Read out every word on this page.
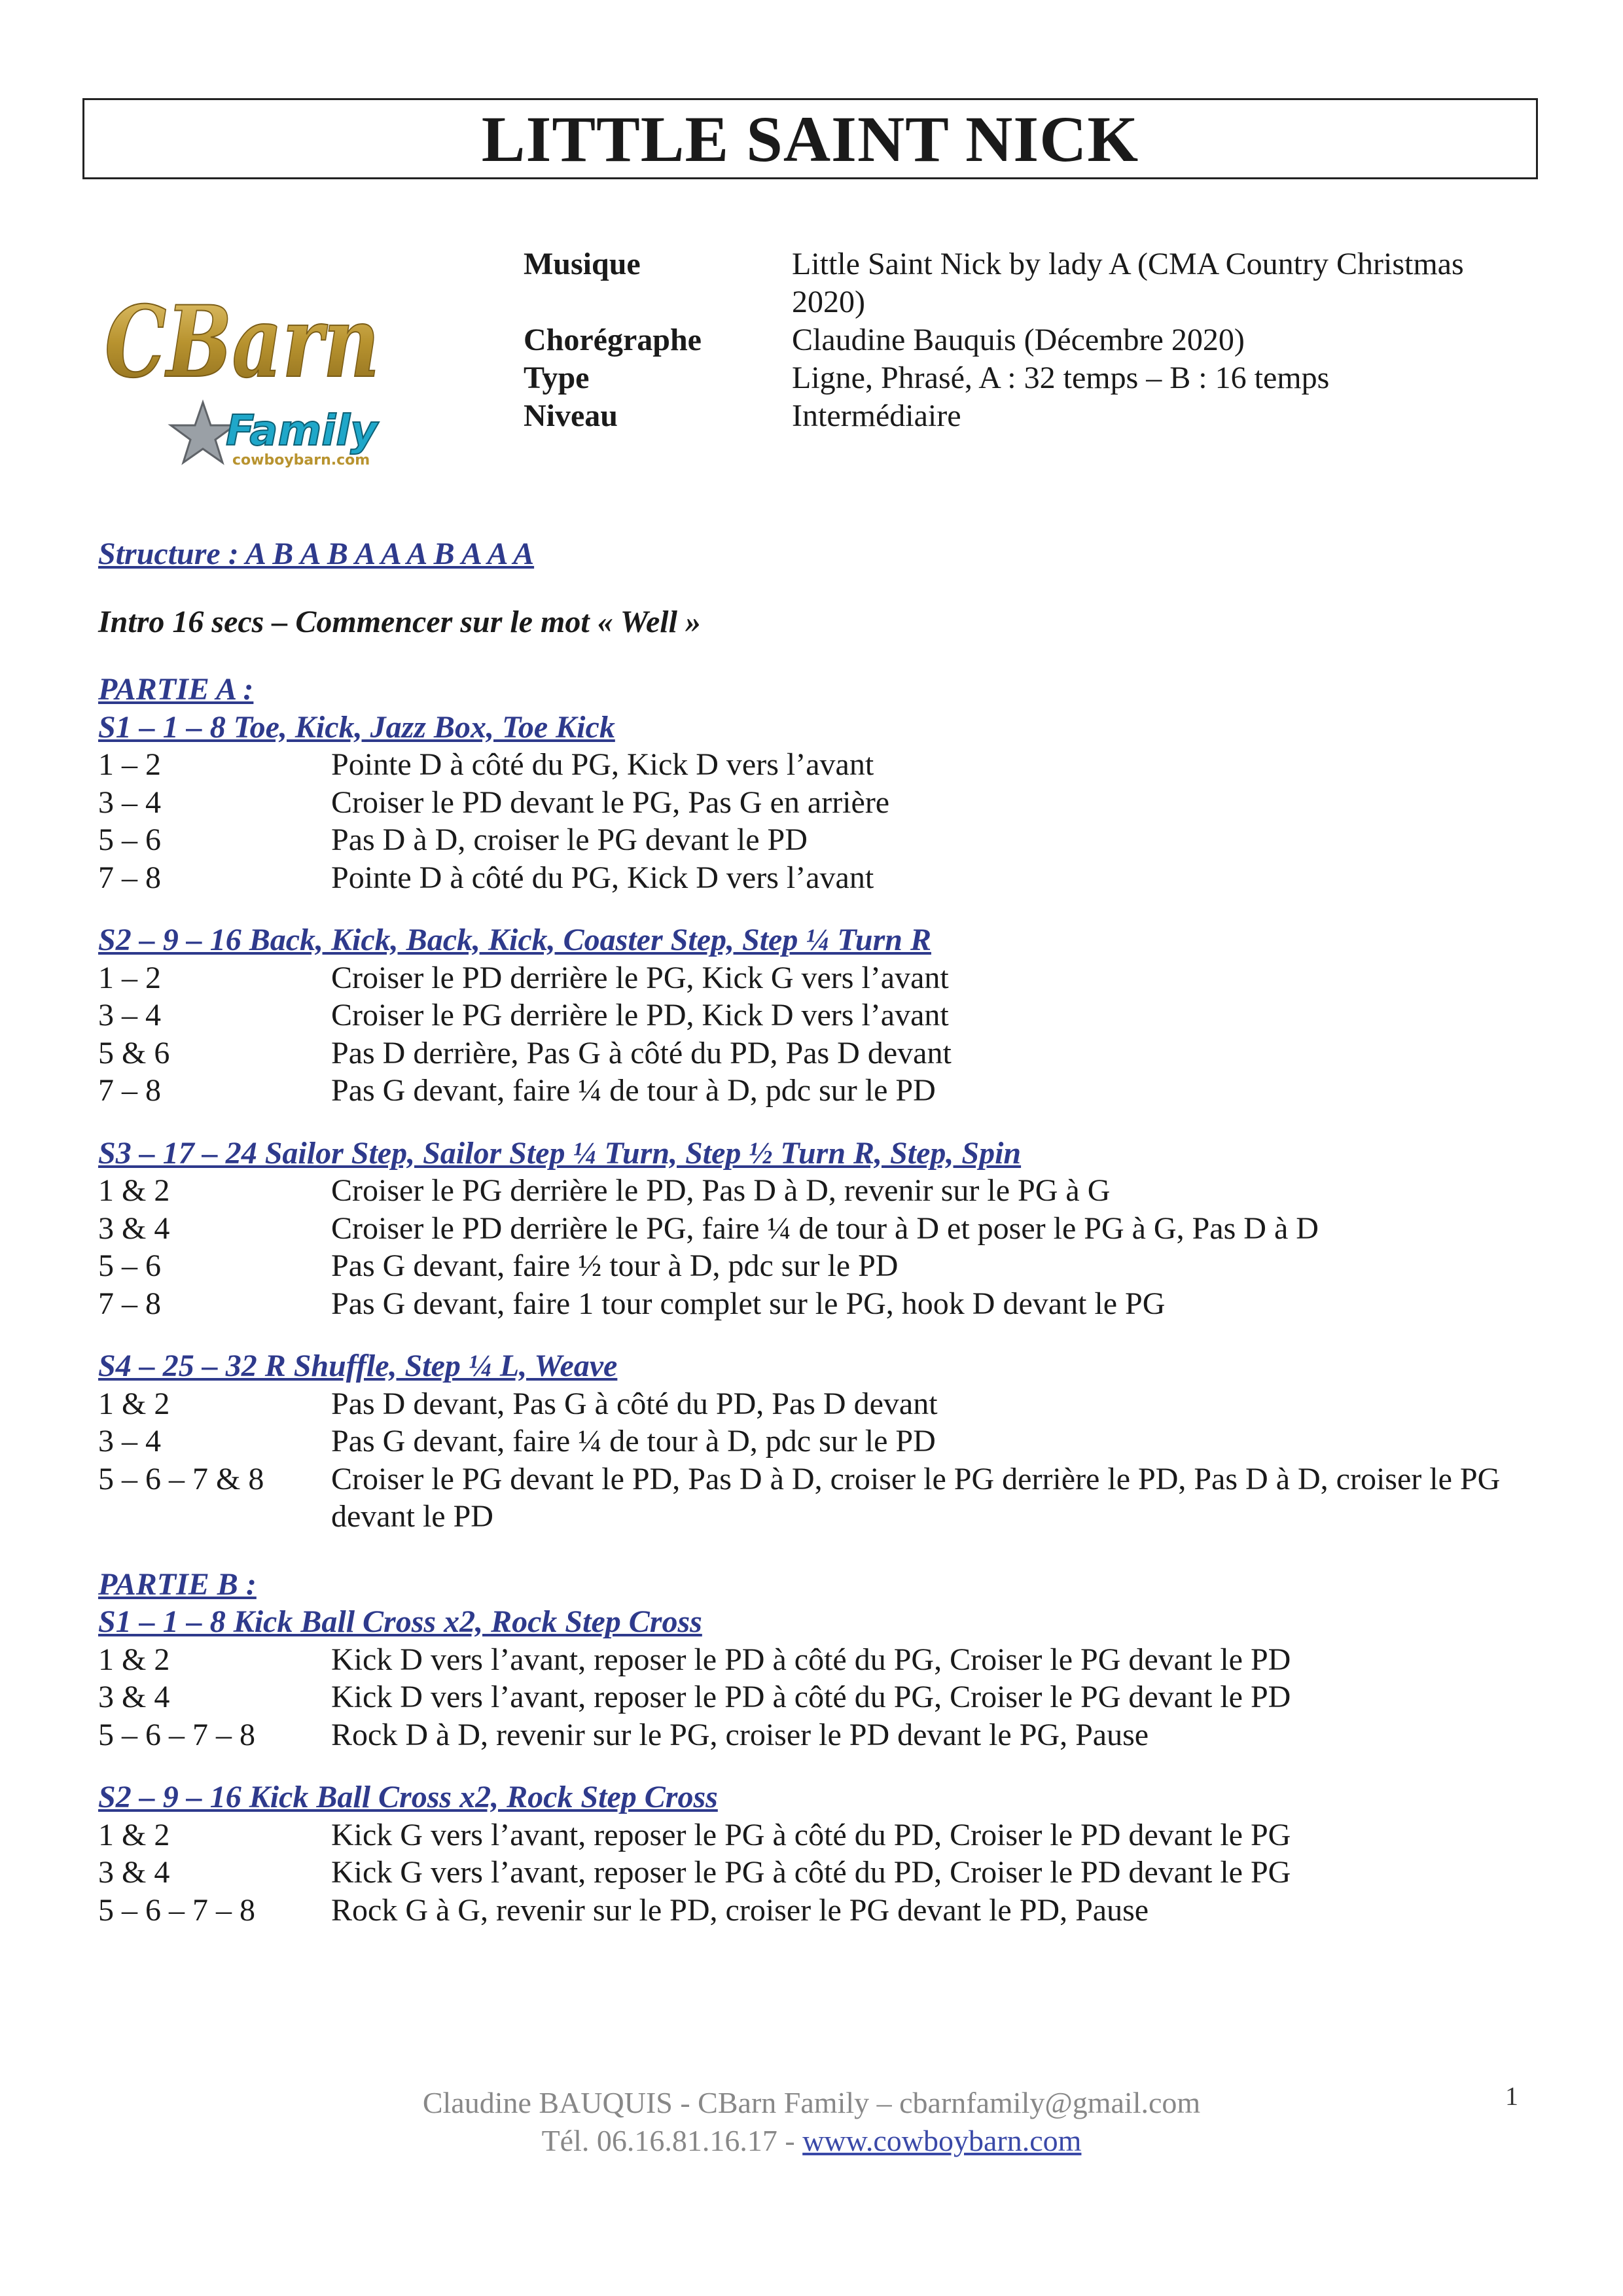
LITTLE SAINT NICK
CBarn
Family
cowboybarn.com
Musique	Little Saint Nick by lady A (CMA Country Christmas 2020)
Chorégraphe	Claudine Bauquis (Décembre 2020)
Type	Ligne, Phrasé, A : 32 temps – B : 16 temps
Niveau	Intermédiaire
Structure : A B A B A A A B A A A
Intro 16 secs – Commencer sur le mot « Well »
PARTIE A :
S1 – 1 – 8 Toe, Kick, Jazz Box, Toe Kick
1 – 2	Pointe D à côté du PG, Kick D vers l’avant
3 – 4	Croiser le PD devant le PG, Pas G en arrière
5 – 6	Pas D à D, croiser le PG devant le PD
7 – 8	Pointe D à côté du PG, Kick D vers l’avant
S2 – 9 – 16 Back, Kick, Back, Kick, Coaster Step, Step ¼ Turn R
1 – 2	Croiser le PD derrière le PG, Kick G vers l’avant
3 – 4	Croiser le PG derrière le PD, Kick D vers l’avant
5 & 6	Pas D derrière, Pas G à côté du PD, Pas D devant
7 – 8	Pas G devant, faire ¼ de tour à D, pdc sur le PD
S3 – 17 – 24 Sailor Step, Sailor Step ¼ Turn, Step ½ Turn R, Step, Spin
1 & 2	Croiser le PG derrière le PD, Pas D à D, revenir sur le PG à G
3 & 4	Croiser le PD derrière le PG, faire ¼ de tour à D et poser le PG à G, Pas D à D
5 – 6	Pas G devant, faire ½ tour à D, pdc sur le PD
7 – 8	Pas G devant, faire 1 tour complet sur le PG, hook D devant le PG
S4 – 25 – 32 R Shuffle, Step ¼ L, Weave
1 & 2	Pas D devant, Pas G à côté du PD, Pas D devant
3 – 4	Pas G devant, faire ¼ de tour à D, pdc sur le PD
5 – 6 – 7 & 8	Croiser le PG devant le PD, Pas D à D, croiser le PG derrière le PD, Pas D à D, croiser le PG devant le PD
PARTIE B :
S1 – 1 – 8 Kick Ball Cross x2, Rock Step Cross
1 & 2	Kick D vers l’avant, reposer le PD à côté du PG, Croiser le PG devant le PD
3 & 4	Kick D vers l’avant, reposer le PD à côté du PG, Croiser le PG devant le PD
5 – 6 – 7 – 8	Rock D à D, revenir sur le PG, croiser le PD devant le PG, Pause
S2 – 9 – 16 Kick Ball Cross x2, Rock Step Cross
1 & 2	Kick G vers l’avant, reposer le PG à côté du PD, Croiser le PD devant le PG
3 & 4	Kick G vers l’avant, reposer le PG à côté du PD, Croiser le PD devant le PG
5 – 6 – 7 – 8	Rock G à G, revenir sur le PD, croiser le PG devant le PD, Pause
Claudine BAUQUIS - CBarn Family – cbarnfamily@gmail.com
Tél. 06.16.81.16.17 - www.cowboybarn.com
1
